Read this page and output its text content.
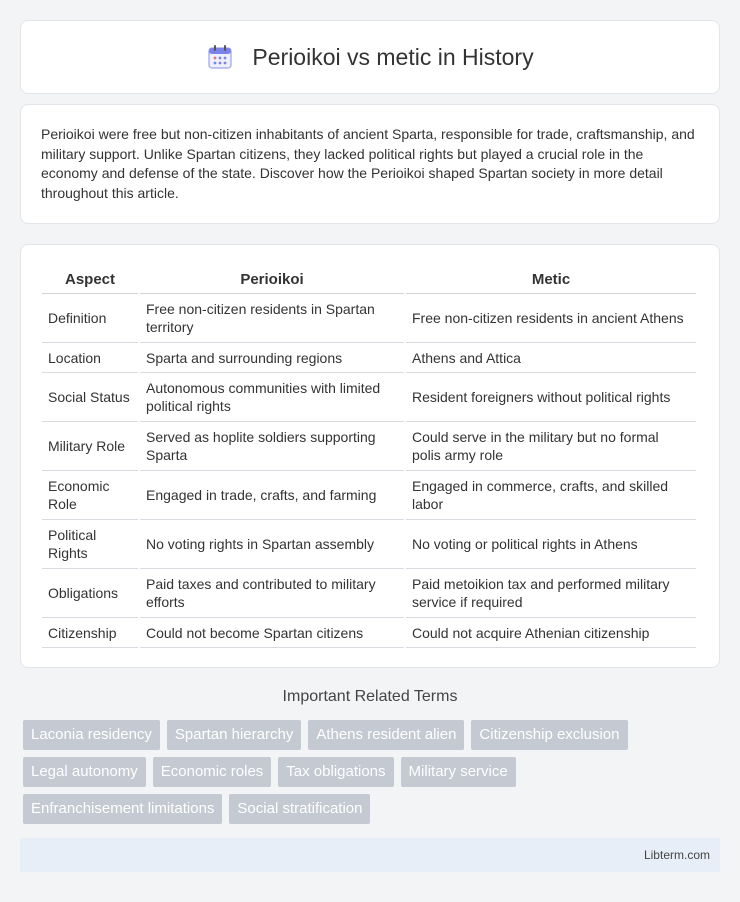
Perioikoi vs metic in History

Perioikoi were free but non-citizen inhabitants of ancient Sparta, responsible for trade, craftsmanship, and military support. Unlike Spartan citizens, they lacked political rights but played a crucial role in the economy and defense of the state. Discover how the Perioikoi shaped Spartan society in more detail throughout this article.

Aspect	Perioikoi	Metic
Definition	Free non-citizen residents in Spartan territory	Free non-citizen residents in ancient Athens
Location	Sparta and surrounding regions	Athens and Attica
Social Status	Autonomous communities with limited political rights	Resident foreigners without political rights
Military Role	Served as hoplite soldiers supporting Sparta	Could serve in the military but no formal polis army role
Economic Role	Engaged in trade, crafts, and farming	Engaged in commerce, crafts, and skilled labor
Political Rights	No voting rights in Spartan assembly	No voting or political rights in Athens
Obligations	Paid taxes and contributed to military efforts	Paid metoikion tax and performed military service if required
Citizenship	Could not become Spartan citizens	Could not acquire Athenian citizenship
Important Related Terms
Laconia residency	Spartan hierarchy	Athens resident alien	Citizenship exclusion
Legal autonomy	Economic roles	Tax obligations	Military service
Enfranchisement limitations	Social stratification
Libterm.com
